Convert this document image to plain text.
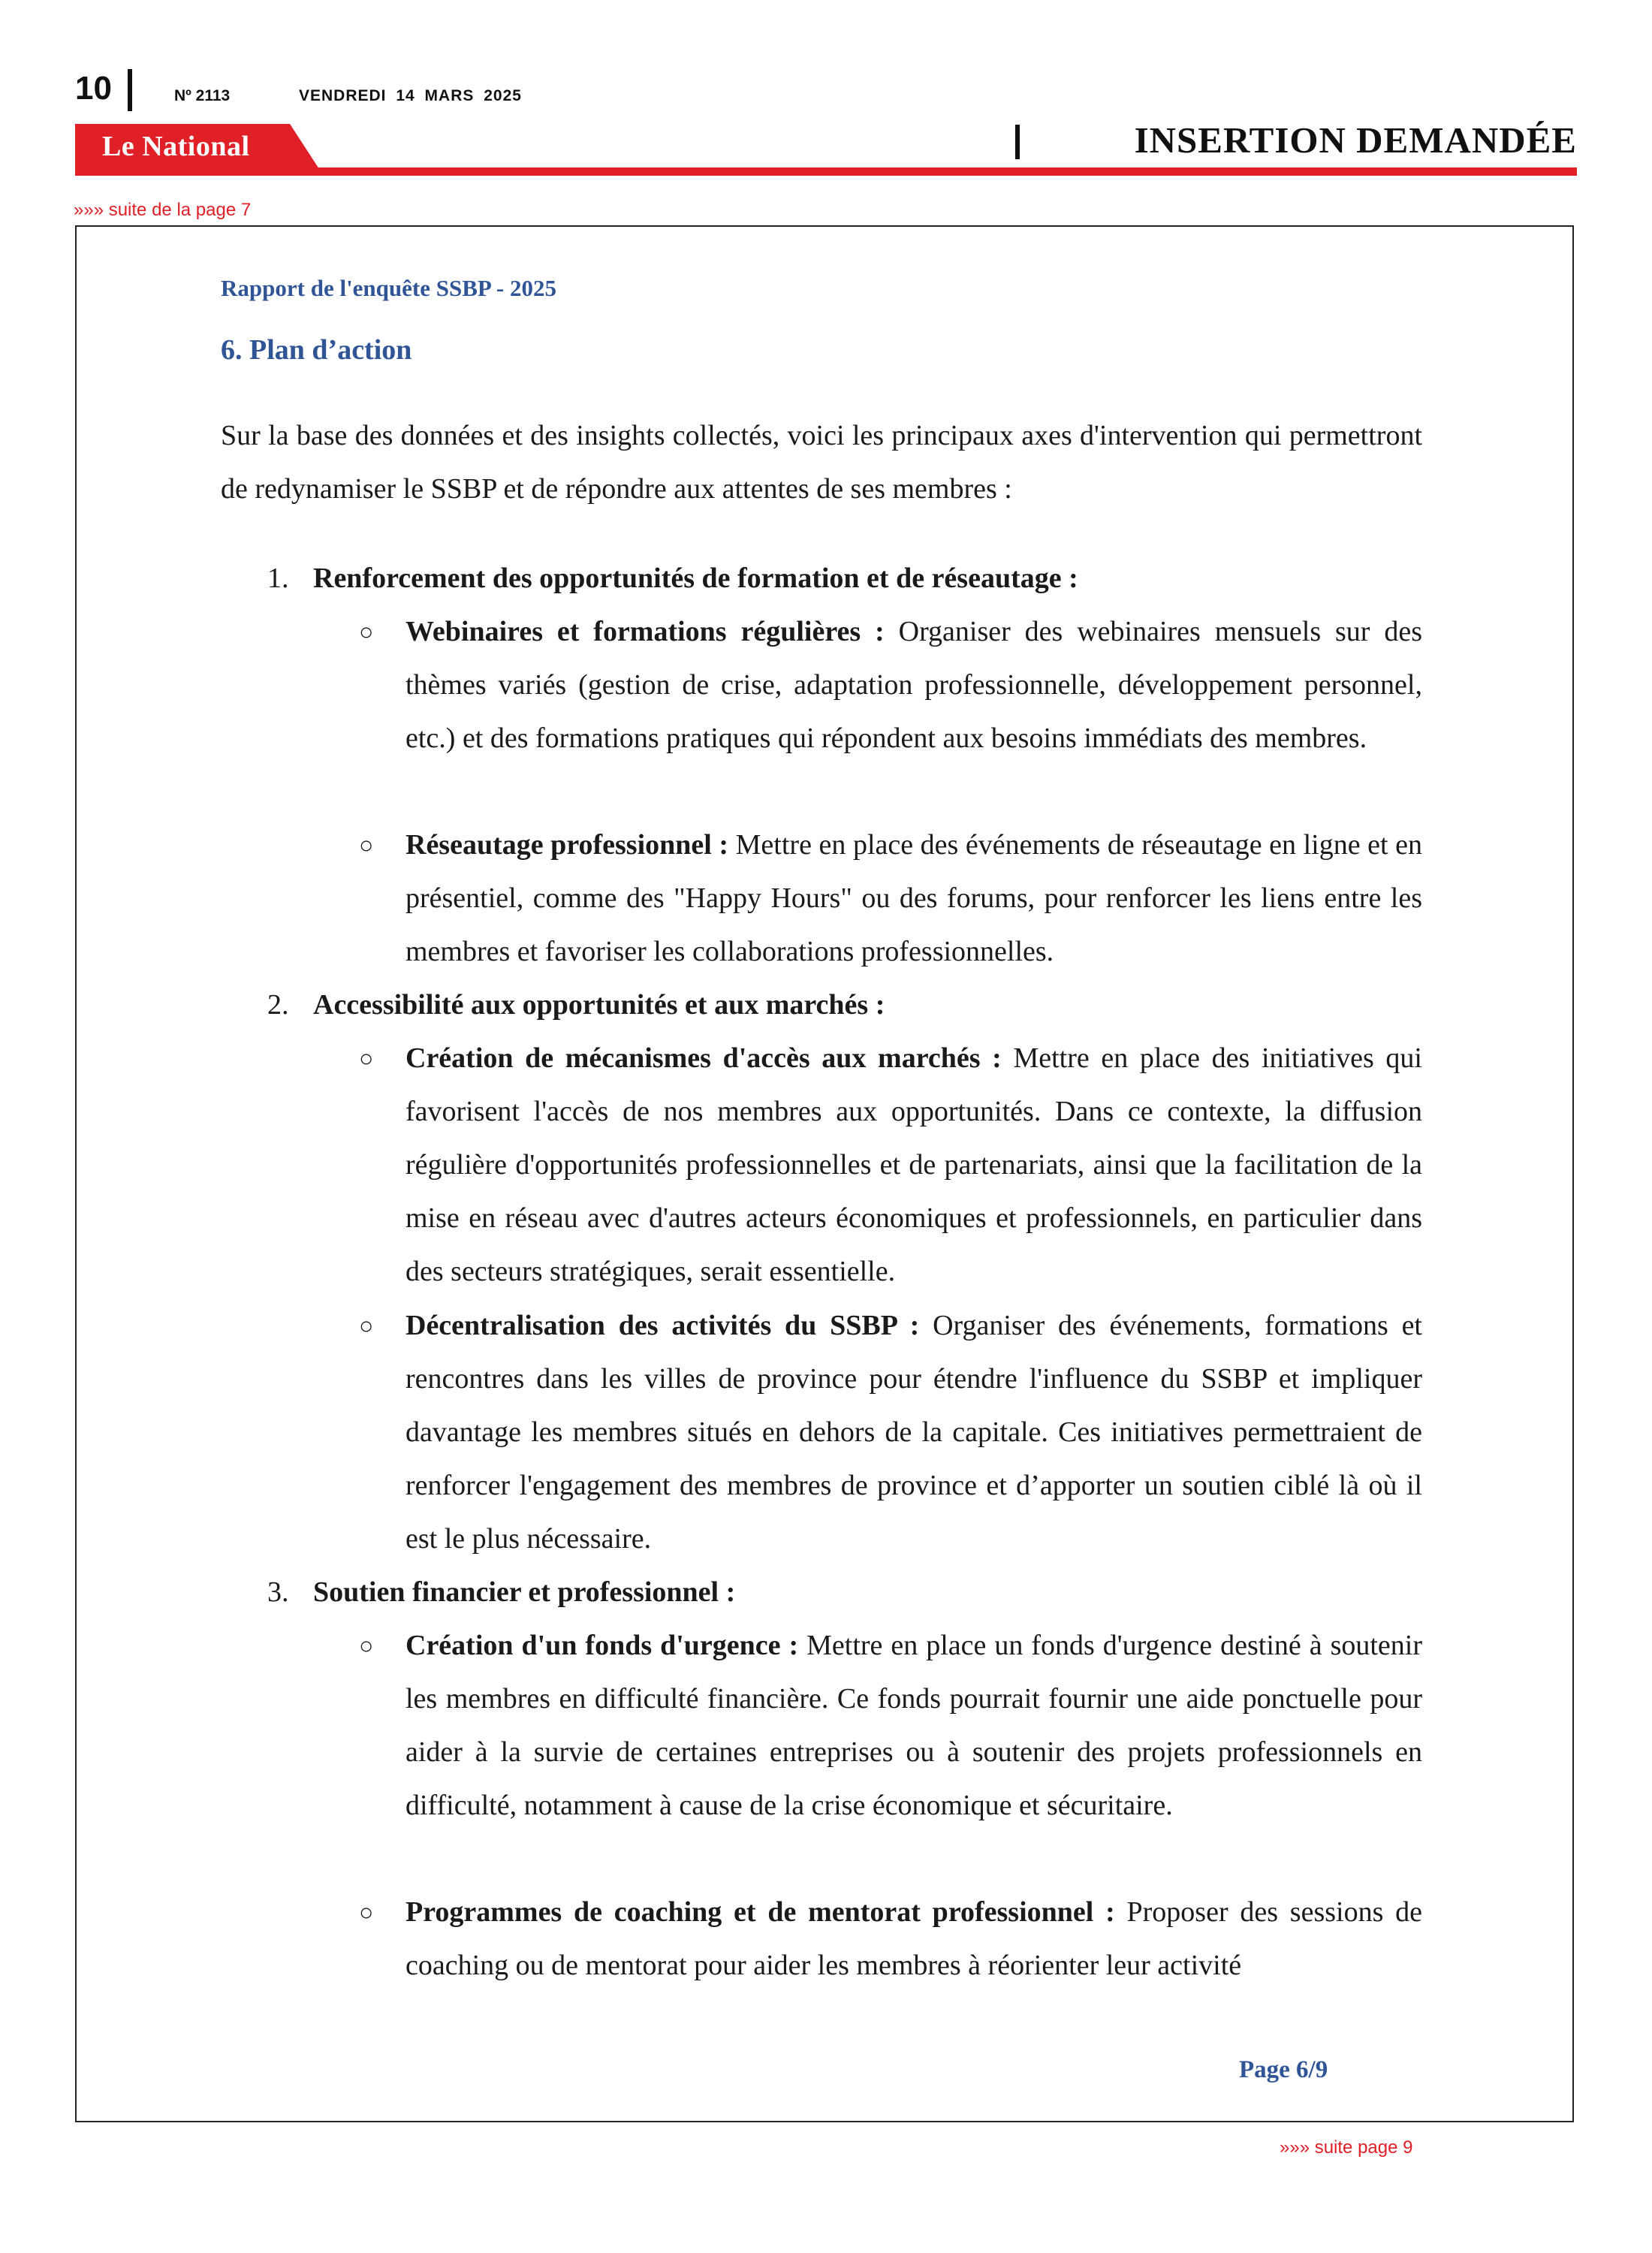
10	Nº 2113	VENDREDI 14 MARS 2025
Le National	INSERTION DEMANDÉE
»»» suite de la page 7
Rapport de l'enquête SSBP - 2025
6. Plan d’action
Sur la base des données et des insights collectés, voici les principaux axes d'intervention qui permettront de redynamiser le SSBP et de répondre aux attentes de ses membres :
1. Renforcement des opportunités de formation et de réseautage :
○ Webinaires et formations régulières : Organiser des webinaires mensuels sur des thèmes variés (gestion de crise, adaptation professionnelle, développement personnel, etc.) et des formations pratiques qui répondent aux besoins immédiats des membres.
○ Réseautage professionnel : Mettre en place des événements de réseautage en ligne et en présentiel, comme des "Happy Hours" ou des forums, pour renforcer les liens entre les membres et favoriser les collaborations professionnelles.
2. Accessibilité aux opportunités et aux marchés :
○ Création de mécanismes d'accès aux marchés : Mettre en place des initiatives qui favorisent l'accès de nos membres aux opportunités. Dans ce contexte, la diffusion régulière d'opportunités professionnelles et de partenariats, ainsi que la facilitation de la mise en réseau avec d'autres acteurs économiques et professionnels, en particulier dans des secteurs stratégiques, serait essentielle.
○ Décentralisation des activités du SSBP : Organiser des événements, formations et rencontres dans les villes de province pour étendre l'influence du SSBP et impliquer davantage les membres situés en dehors de la capitale. Ces initiatives permettraient de renforcer l'engagement des membres de province et d’apporter un soutien ciblé là où il est le plus nécessaire.
3. Soutien financier et professionnel :
○ Création d'un fonds d'urgence : Mettre en place un fonds d'urgence destiné à soutenir les membres en difficulté financière. Ce fonds pourrait fournir une aide ponctuelle pour aider à la survie de certaines entreprises ou à soutenir des projets professionnels en difficulté, notamment à cause de la crise économique et sécuritaire.
○ Programmes de coaching et de mentorat professionnel : Proposer des sessions de coaching ou de mentorat pour aider les membres à réorienter leur activité
Page 6/9
»»» suite page 9
